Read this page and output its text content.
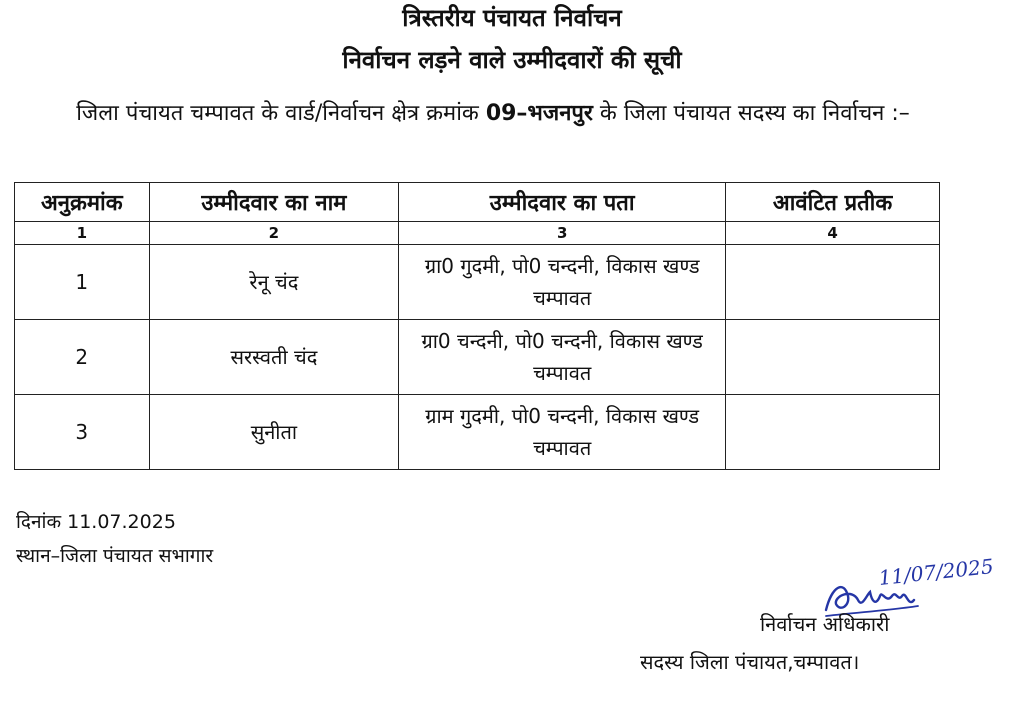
त्रिस्तरीय पंचायत निर्वाचन
निर्वाचन लड़ने वाले उम्मीदवारों की सूची
जिला पंचायत चम्पावत के वार्ड/निर्वाचन क्षेत्र क्रमांक 09–भजनपुर के जिला पंचायत सदस्य का निर्वाचन :–
अनुक्रमांक	उम्मीदवार का नाम	उम्मीदवार का पता	आवंटित प्रतीक
1	2	3	4
1	रेनू चंद	ग्रा0 गुदमी, पो0 चन्दनी, विकास खण्ड चम्पावत	
2	सरस्वती चंद	ग्रा0 चन्दनी, पो0 चन्दनी, विकास खण्ड चम्पावत	
3	सुनीता	ग्राम गुदमी, पो0 चन्दनी, विकास खण्ड चम्पावत	
दिनांक 11.07.2025
स्थान–जिला पंचायत सभागार	11/07/2025
निर्वाचन अधिकारी
सदस्य जिला पंचायत,चम्पावत।
